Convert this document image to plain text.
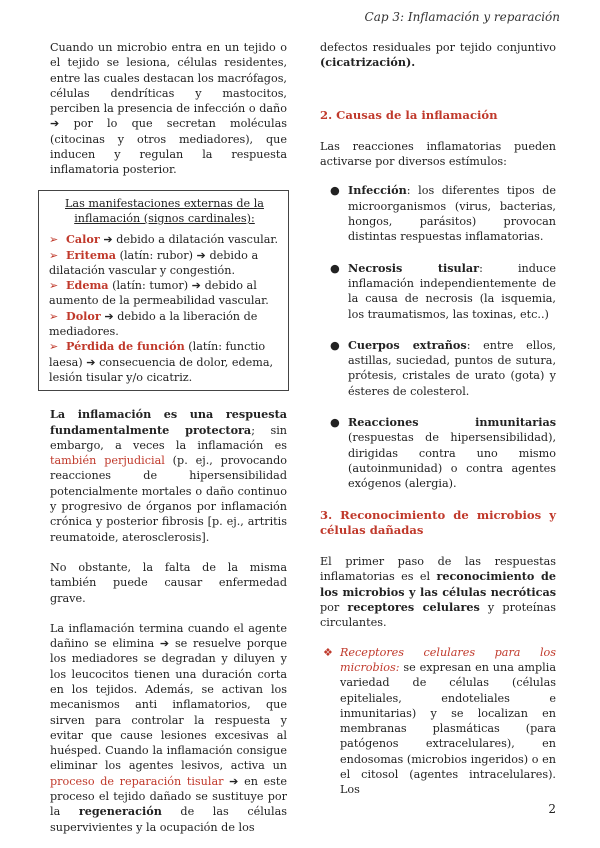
Cap 3: Inflamación y reparación

Cuando un microbio entra en un tejido o el tejido se lesiona, células residentes, entre las cuales destacan los macrófagos, células dendríticas y mastocitos, perciben la presencia de infección o daño ➔ por lo que secretan moléculas (citocinas y otros mediadores), que inducen y regulan la respuesta inflamatoria posterior.

Las manifestaciones externas de la inflamación (signos cardinales):
➢ Calor ➔ debido a dilatación vascular.
➢ Eritema (latín: rubor) ➔ debido a dilatación vascular y congestión.
➢ Edema (latín: tumor) ➔ debido al aumento de la permeabilidad vascular.
➢ Dolor ➔ debido a la liberación de mediadores.
➢ Pérdida de función (latín: functio laesa) ➔ consecuencia de dolor, edema, lesión tisular y/o cicatriz.

La inflamación es una respuesta fundamentalmente protectora; sin embargo, a veces la inflamación es también perjudicial (p. ej., provocando reacciones de hipersensibilidad potencialmente mortales o daño continuo y progresivo de órganos por inflamación crónica y posterior fibrosis [p. ej., artritis reumatoide, aterosclerosis].

No obstante, la falta de la misma también puede causar enfermedad grave.

La inflamación termina cuando el agente dañino se elimina ➔ se resuelve porque los mediadores se degradan y diluyen y los leucocitos tienen una duración corta en los tejidos. Además, se activan los mecanismos anti inflamatorios, que sirven para controlar la respuesta y evitar que cause lesiones excesivas al huésped. Cuando la inflamación consigue eliminar los agentes lesivos, activa un proceso de reparación tisular ➔ en este proceso el tejido dañado se sustituye por la regeneración de las células supervivientes y la ocupación de los

defectos residuales por tejido conjuntivo (cicatrización).

2. Causas de la inflamación

Las reacciones inflamatorias pueden activarse por diversos estímulos:

● Infección: los diferentes tipos de microorganismos (virus, bacterias, hongos, parásitos) provocan distintas respuestas inflamatorias.
● Necrosis tisular: induce inflamación independientemente de la causa de necrosis (la isquemia, los traumatismos, las toxinas, etc..)
● Cuerpos extraños: entre ellos, astillas, suciedad, puntos de sutura, prótesis, cristales de urato (gota) y ésteres de colesterol.
● Reacciones inmunitarias (respuestas de hipersensibilidad), dirigidas contra uno mismo (autoinmunidad) o contra agentes exógenos (alergia).

3. Reconocimiento de microbios y células dañadas

El primer paso de las respuestas inflamatorias es el reconocimiento de los microbios y las células necróticas por receptores celulares y proteínas circulantes.

❖ Receptores celulares para los microbios: se expresan en una amplia variedad de células (células epiteliales, endoteliales e inmunitarias) y se localizan en membranas plasmáticas (para patógenos extracelulares), en endosomas (microbios ingeridos) o en el citosol (agentes intracelulares). Los

2
